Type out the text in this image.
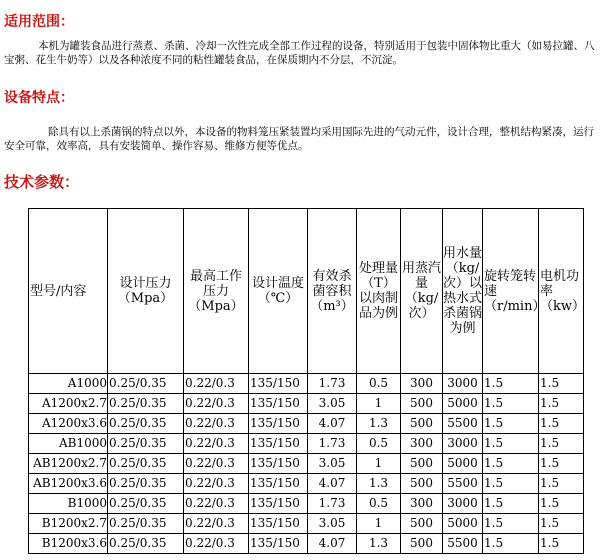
适用范围：

本机为罐装食品进行蒸煮、杀菌、冷却一次性完成全部工作过程的设备，特别适用于包装中固体物比重大（如易拉罐、八宝粥、花生牛奶等）以及各种浓度不同的粘性罐装食品，在保质期内不分层，不沉淀。

设备特点：

除具有以上杀菌锅的特点以外，本设备的物料笼压紧装置均采用国际先进的气动元件，设计合理，整机结构紧凑，运行安全可靠，效率高，具有安装简单、操作容易、维修方便等优点。

技术参数：
型号/内容	设计压力（Mpa）	最高工作压力（Mpa）	设计温度（℃）	有效杀菌容积（m³）	处理量（T）以肉制品为例	用蒸汽量（kg/次）	用水量（kg/次）以热水式杀菌锅为例	旋转笼转速（r/min）	电机功率（kw）
A1000	0.25/0.35	0.22/0.3	135/150	1.73	0.5	300	3000	1.5	1.5
A1200x2.7	0.25/0.35	0.22/0.3	135/150	3.05	1	500	5000	1.5	1.5
A1200x3.6	0.25/0.35	0.22/0.3	135/150	4.07	1.3	500	5500	1.5	1.5
AB1000	0.25/0.35	0.22/0.3	135/150	1.73	0.5	300	3000	1.5	1.5
AB1200x2.7	0.25/0.35	0.22/0.3	135/150	3.05	1	500	5000	1.5	1.5
AB1200x3.6	0.25/0.35	0.22/0.3	135/150	4.07	1.3	500	5500	1.5	1.5
B1000	0.25/0.35	0.22/0.3	135/150	1.73	0.5	300	3000	1.5	1.5
B1200x2.7	0.25/0.35	0.22/0.3	135/150	3.05	1	500	5000	1.5	1.5
B1200x3.6	0.25/0.35	0.22/0.3	135/150	4.07	1.3	500	5500	1.5	1.5
